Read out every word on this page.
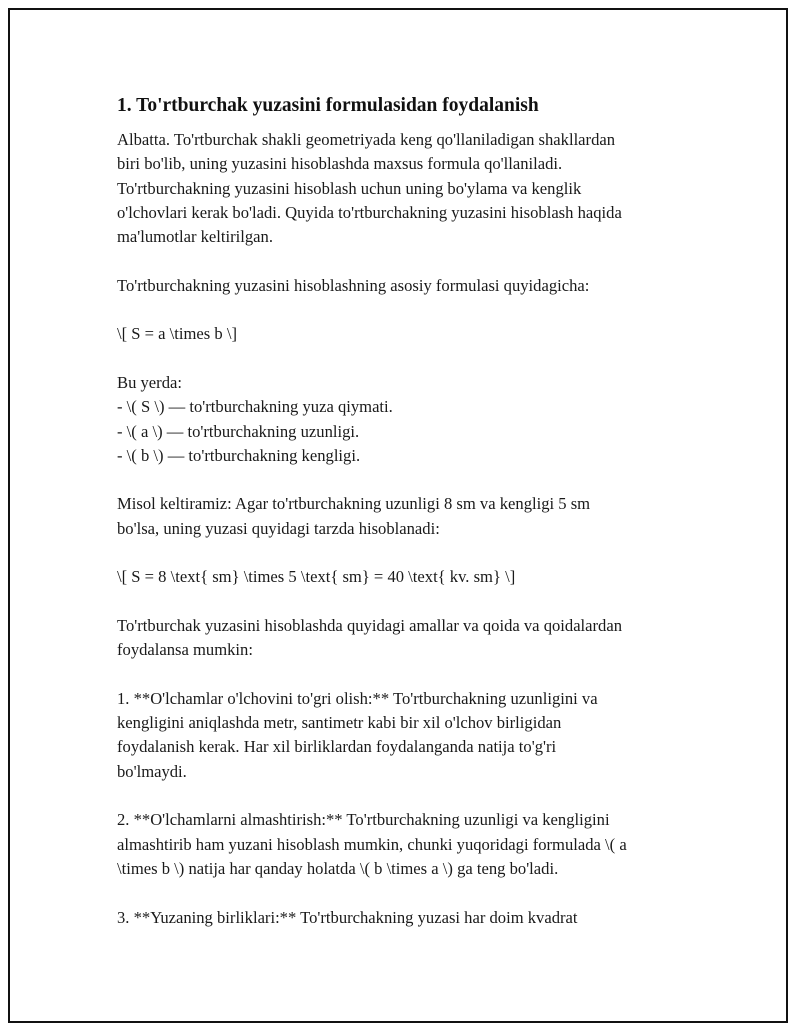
1. To'rtburchak yuzasini formulasidan foydalanish

Albatta. To'rtburchak shakli geometriyada keng qo'llaniladigan shakllardan
biri bo'lib, uning yuzasini hisoblashda maxsus formula qo'llaniladi.
To'rtburchakning yuzasini hisoblash uchun uning bo'ylama va kenglik
o'lchovlari kerak bo'ladi. Quyida to'rtburchakning yuzasini hisoblash haqida
ma'lumotlar keltirilgan.

To'rtburchakning yuzasini hisoblashning asosiy formulasi quyidagicha:

\[ S = a \times b \]

Bu yerda:
- \( S \) — to'rtburchakning yuza qiymati.
- \( a \) — to'rtburchakning uzunligi.
- \( b \) — to'rtburchakning kengligi.

Misol keltiramiz: Agar to'rtburchakning uzunligi 8 sm va kengligi 5 sm
bo'lsa, uning yuzasi quyidagi tarzda hisoblanadi:

\[ S = 8 \text{ sm} \times 5 \text{ sm} = 40 \text{ kv. sm} \]

To'rtburchak yuzasini hisoblashda quyidagi amallar va qoida va qoidalardan
foydalansa mumkin:

1. **O'lchamlar o'lchovini to'gri olish:** To'rtburchakning uzunligini va
kengligini aniqlashda metr, santimetr kabi bir xil o'lchov birligidan
foydalanish kerak. Har xil birliklardan foydalanganda natija to'g'ri
bo'lmaydi.

2. **O'lchamlarni almashtirish:** To'rtburchakning uzunligi va kengligini
almashtirib ham yuzani hisoblash mumkin, chunki yuqoridagi formulada \( a
\times b \) natija har qanday holatda \( b \times a \) ga teng bo'ladi.

3. **Yuzaning birliklari:** To'rtburchakning yuzasi har doim kvadrat
